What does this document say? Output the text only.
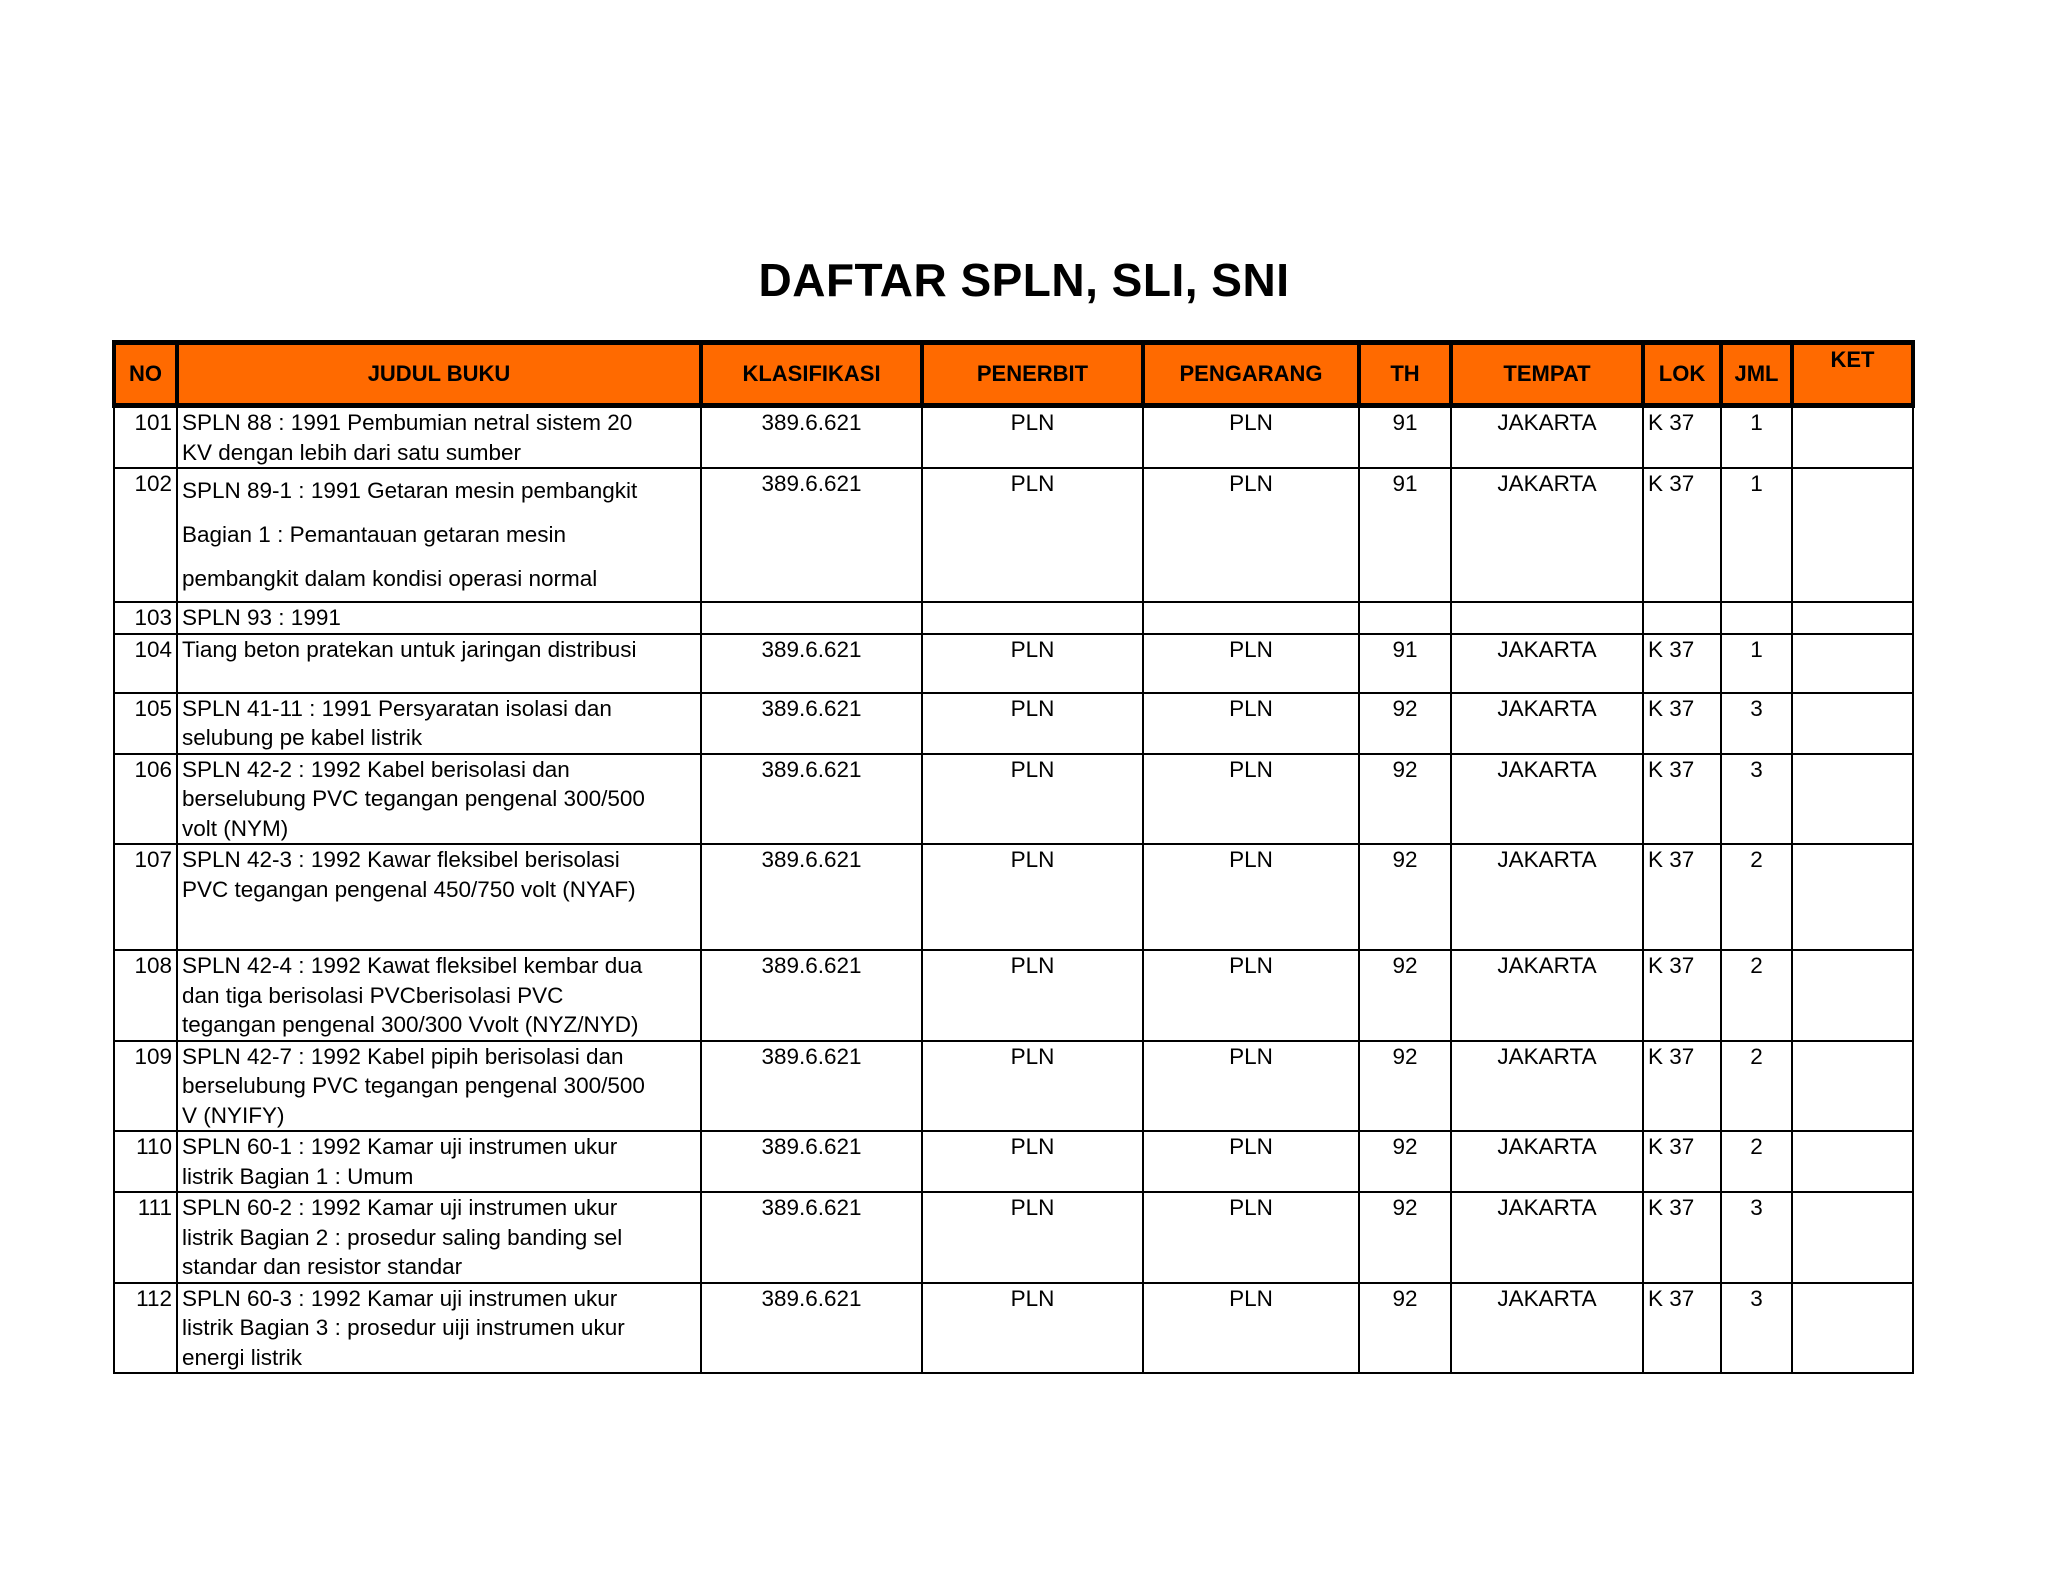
DAFTAR SPLN, SLI, SNI
NO	JUDUL BUKU	KLASIFIKASI	PENERBIT	PENGARANG	TH	TEMPAT	LOK	JML	KET
101	SPLN 88 : 1991 Pembumian netral sistem 20
KV dengan lebih dari satu sumber	389.6.621	PLN	PLN	91	JAKARTA	K 37	1	
102	SPLN 89-1 : 1991 Getaran mesin pembangkit
Bagian 1 : Pemantauan getaran mesin
pembangkit dalam kondisi operasi normal	389.6.621	PLN	PLN	91	JAKARTA	K 37	1	
103	SPLN 93 : 1991								

104	Tiang beton pratekan untuk jaringan distribusi	389.6.621	PLN	PLN	91	JAKARTA	K 37	1	
105	SPLN 41-11 : 1991 Persyaratan isolasi dan
selubung pe kabel listrik	389.6.621	PLN	PLN	92	JAKARTA	K 37	3	
106	SPLN 42-2 : 1992 Kabel berisolasi dan
berselubung PVC tegangan pengenal 300/500
volt (NYM)	389.6.621	PLN	PLN	92	JAKARTA	K 37	3	
107	SPLN 42-3 : 1992 Kawar fleksibel berisolasi
PVC tegangan pengenal 450/750 volt (NYAF)	389.6.621	PLN	PLN	92	JAKARTA	K 37	2	
108	SPLN 42-4 : 1992 Kawat fleksibel kembar dua
dan tiga berisolasi PVCberisolasi PVC
tegangan pengenal 300/300 Vvolt (NYZ/NYD)	389.6.621	PLN	PLN	92	JAKARTA	K 37	2	
109	SPLN 42-7 : 1992 Kabel pipih berisolasi dan
berselubung PVC tegangan pengenal 300/500
V (NYIFY)	389.6.621	PLN	PLN	92	JAKARTA	K 37	2	
110	SPLN 60-1 : 1992 Kamar uji instrumen ukur
listrik Bagian 1 : Umum	389.6.621	PLN	PLN	92	JAKARTA	K 37	2	
111	SPLN 60-2 : 1992 Kamar uji instrumen ukur
listrik Bagian 2 : prosedur saling banding sel
standar dan resistor standar	389.6.621	PLN	PLN	92	JAKARTA	K 37	3	
112	SPLN 60-3 : 1992 Kamar uji instrumen ukur
listrik Bagian 3 : prosedur uiji instrumen ukur
energi listrik	389.6.621	PLN	PLN	92	JAKARTA	K 37	3	
